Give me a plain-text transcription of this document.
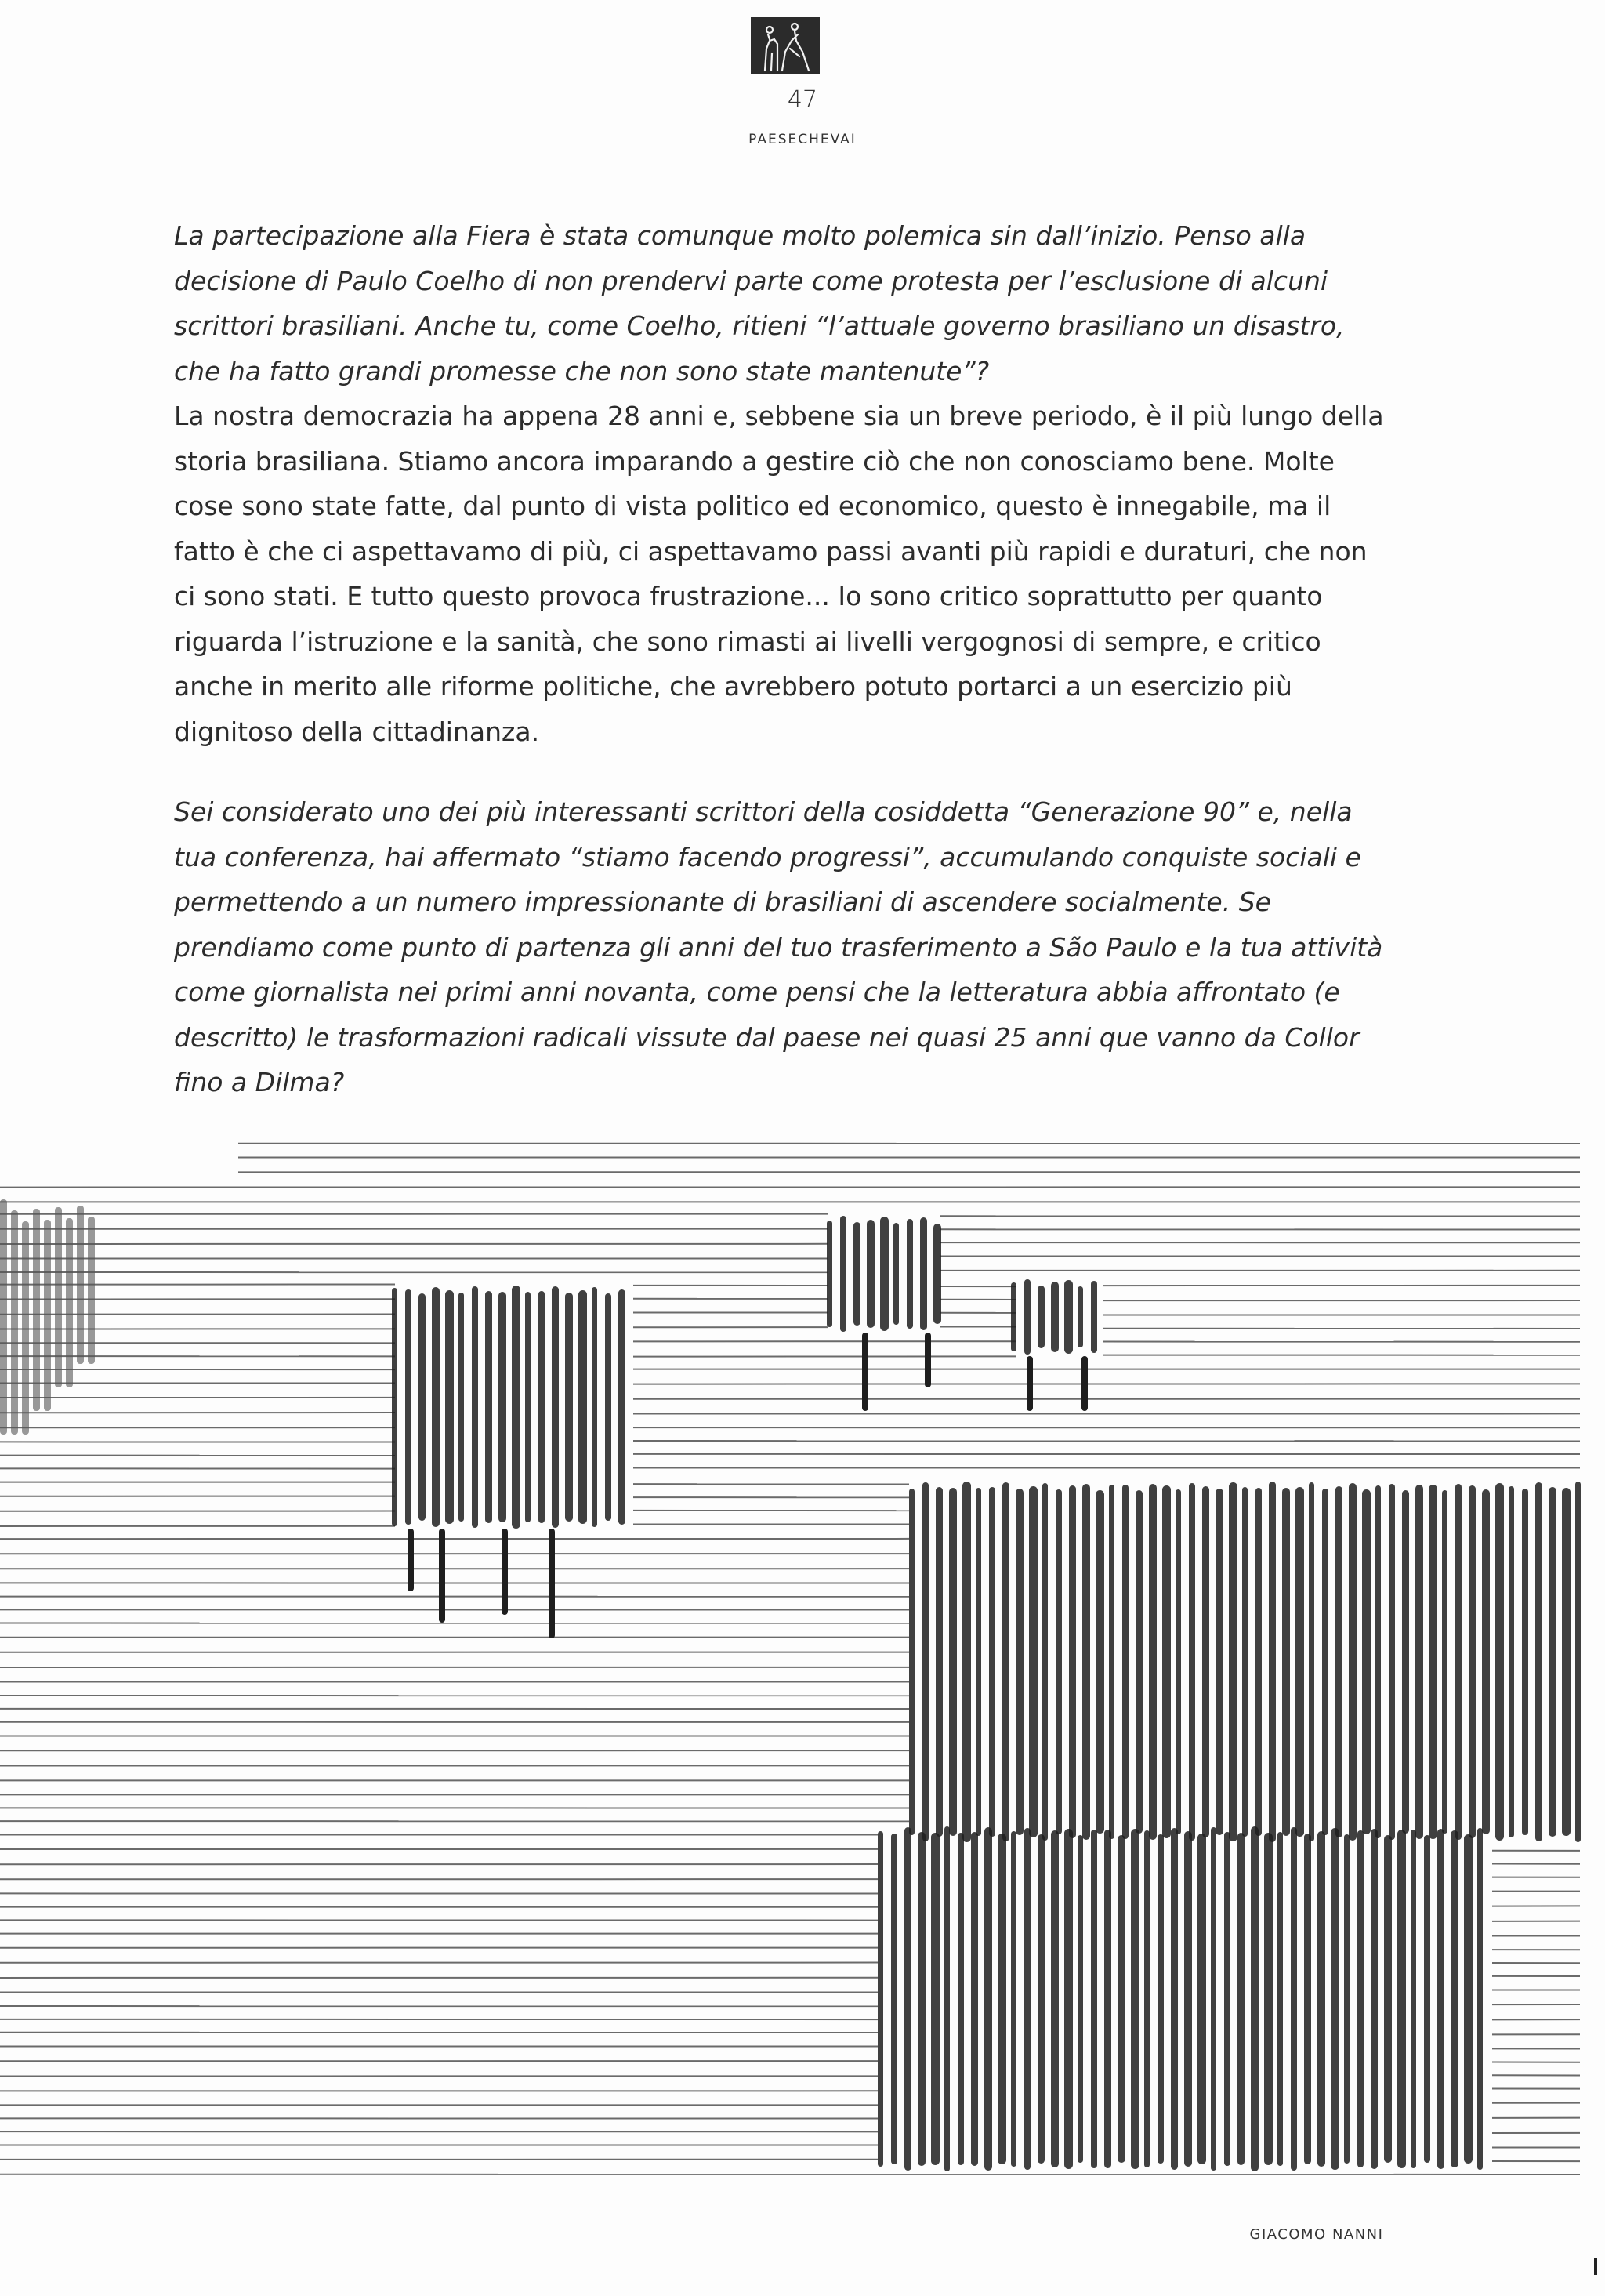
47
PAESECHEVAI
La partecipazione alla Fiera è stata comunque molto polemica sin dall’inizio. Penso alla decisione di Paulo Coelho di non prendervi parte come protesta per l’esclusione di alcuni scrittori brasiliani. Anche tu, come Coelho, ritieni “l’attuale governo brasiliano un disastro, che ha fatto grandi promesse che non sono state mantenute”?
La nostra democrazia ha appena 28 anni e, sebbene sia un breve periodo, è il più lungo della storia brasiliana. Stiamo ancora imparando a gestire ciò che non conosciamo bene. Molte cose sono state fatte, dal punto di vista politico ed economico, questo è innegabile, ma il fatto è che ci aspettavamo di più, ci aspettavamo passi avanti più rapidi e duraturi, che non ci sono stati. E tutto questo provoca frustrazione... Io sono critico soprattutto per quanto riguarda l’istruzione e la sanità, che sono rimasti ai livelli vergognosi di sempre, e critico anche in merito alle riforme politiche, che avrebbero potuto portarci a un esercizio più dignitoso della cittadinanza.
Sei considerato uno dei più interessanti scrittori della cosiddetta “Generazione 90” e, nella tua conferenza, hai affermato “stiamo facendo progressi”, accumulando conquiste sociali e permettendo a un numero impressionante di brasiliani di ascendere socialmente. Se prendiamo come punto di partenza gli anni del tuo trasferimento a São Paulo e la tua attività come giornalista nei primi anni novanta, come pensi che la letteratura abbia affrontato (e descritto) le trasformazioni radicali vissute dal paese nei quasi 25 anni que vanno da Collor fino a Dilma?
GIACOMO NANNI
